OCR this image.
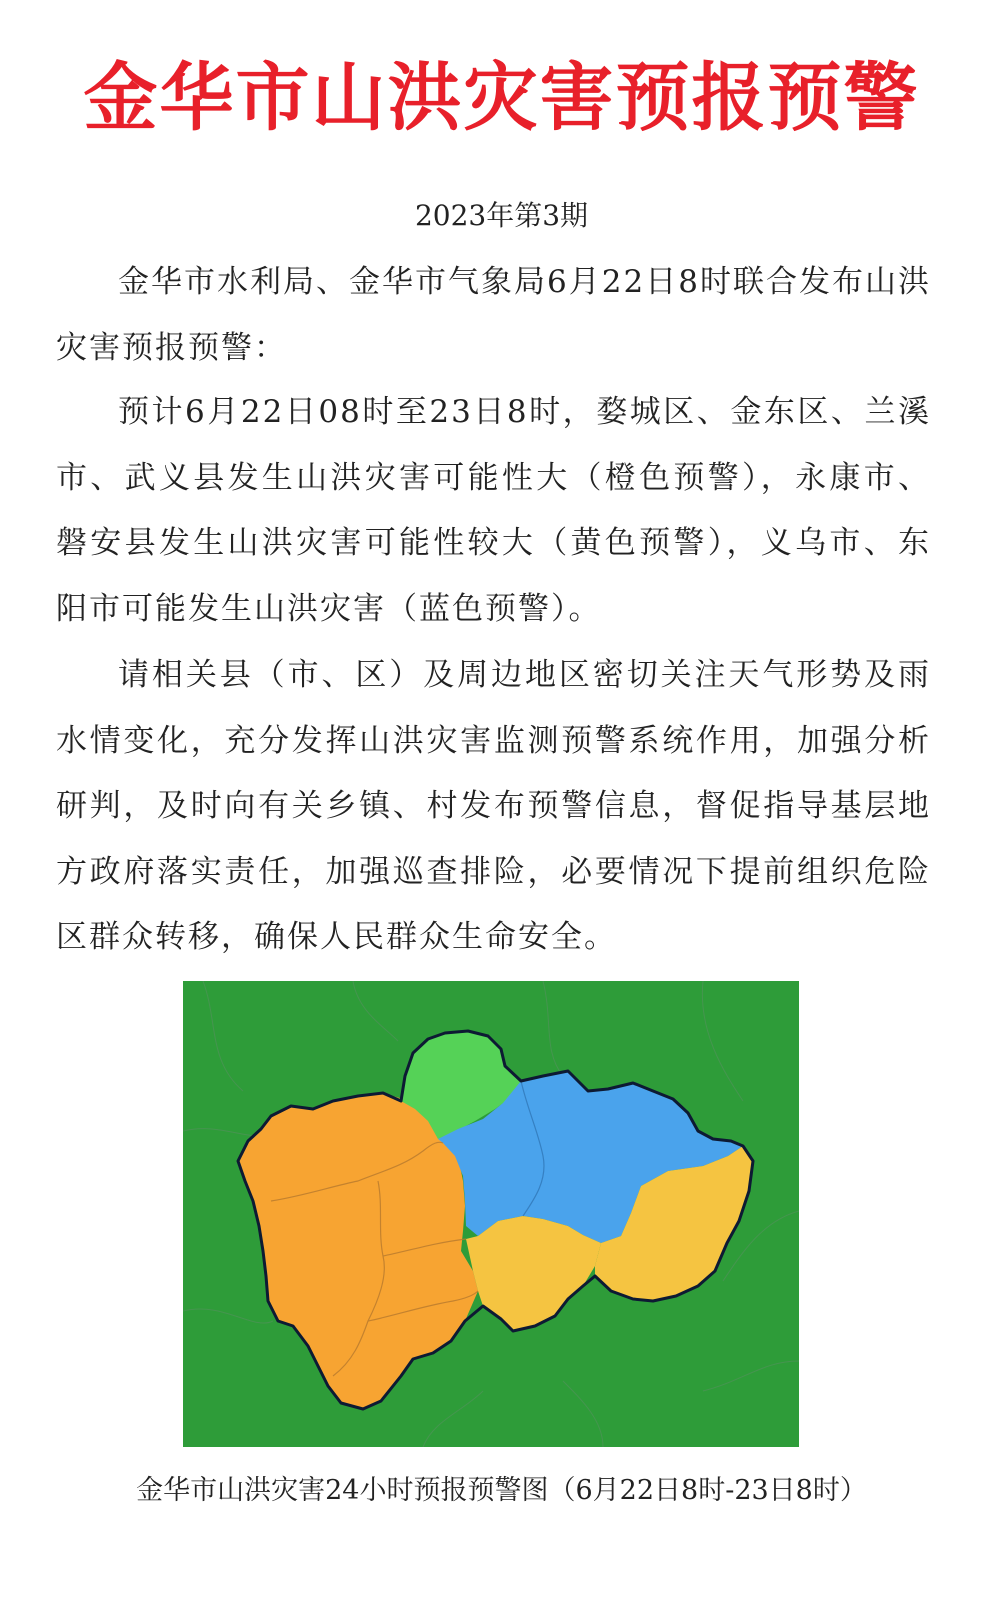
金华市山洪灾害预报预警
2023年第3期

金华市水利局、金华市气象局6月22日8时联合发布山洪灾害预报预警：

预计6月22日08时至23日8时，婺城区、金东区、兰溪市、武义县发生山洪灾害可能性大（橙色预警），永康市、磐安县发生山洪灾害可能性较大（黄色预警），义乌市、东阳市可能发生山洪灾害（蓝色预警）。

请相关县（市、区）及周边地区密切关注天气形势及雨水情变化，充分发挥山洪灾害监测预警系统作用，加强分析研判，及时向有关乡镇、村发布预警信息，督促指导基层地方政府落实责任，加强巡查排险，必要情况下提前组织危险区群众转移，确保人民群众生命安全。

金华市山洪灾害24小时预报预警图（6月22日8时-23日8时）
